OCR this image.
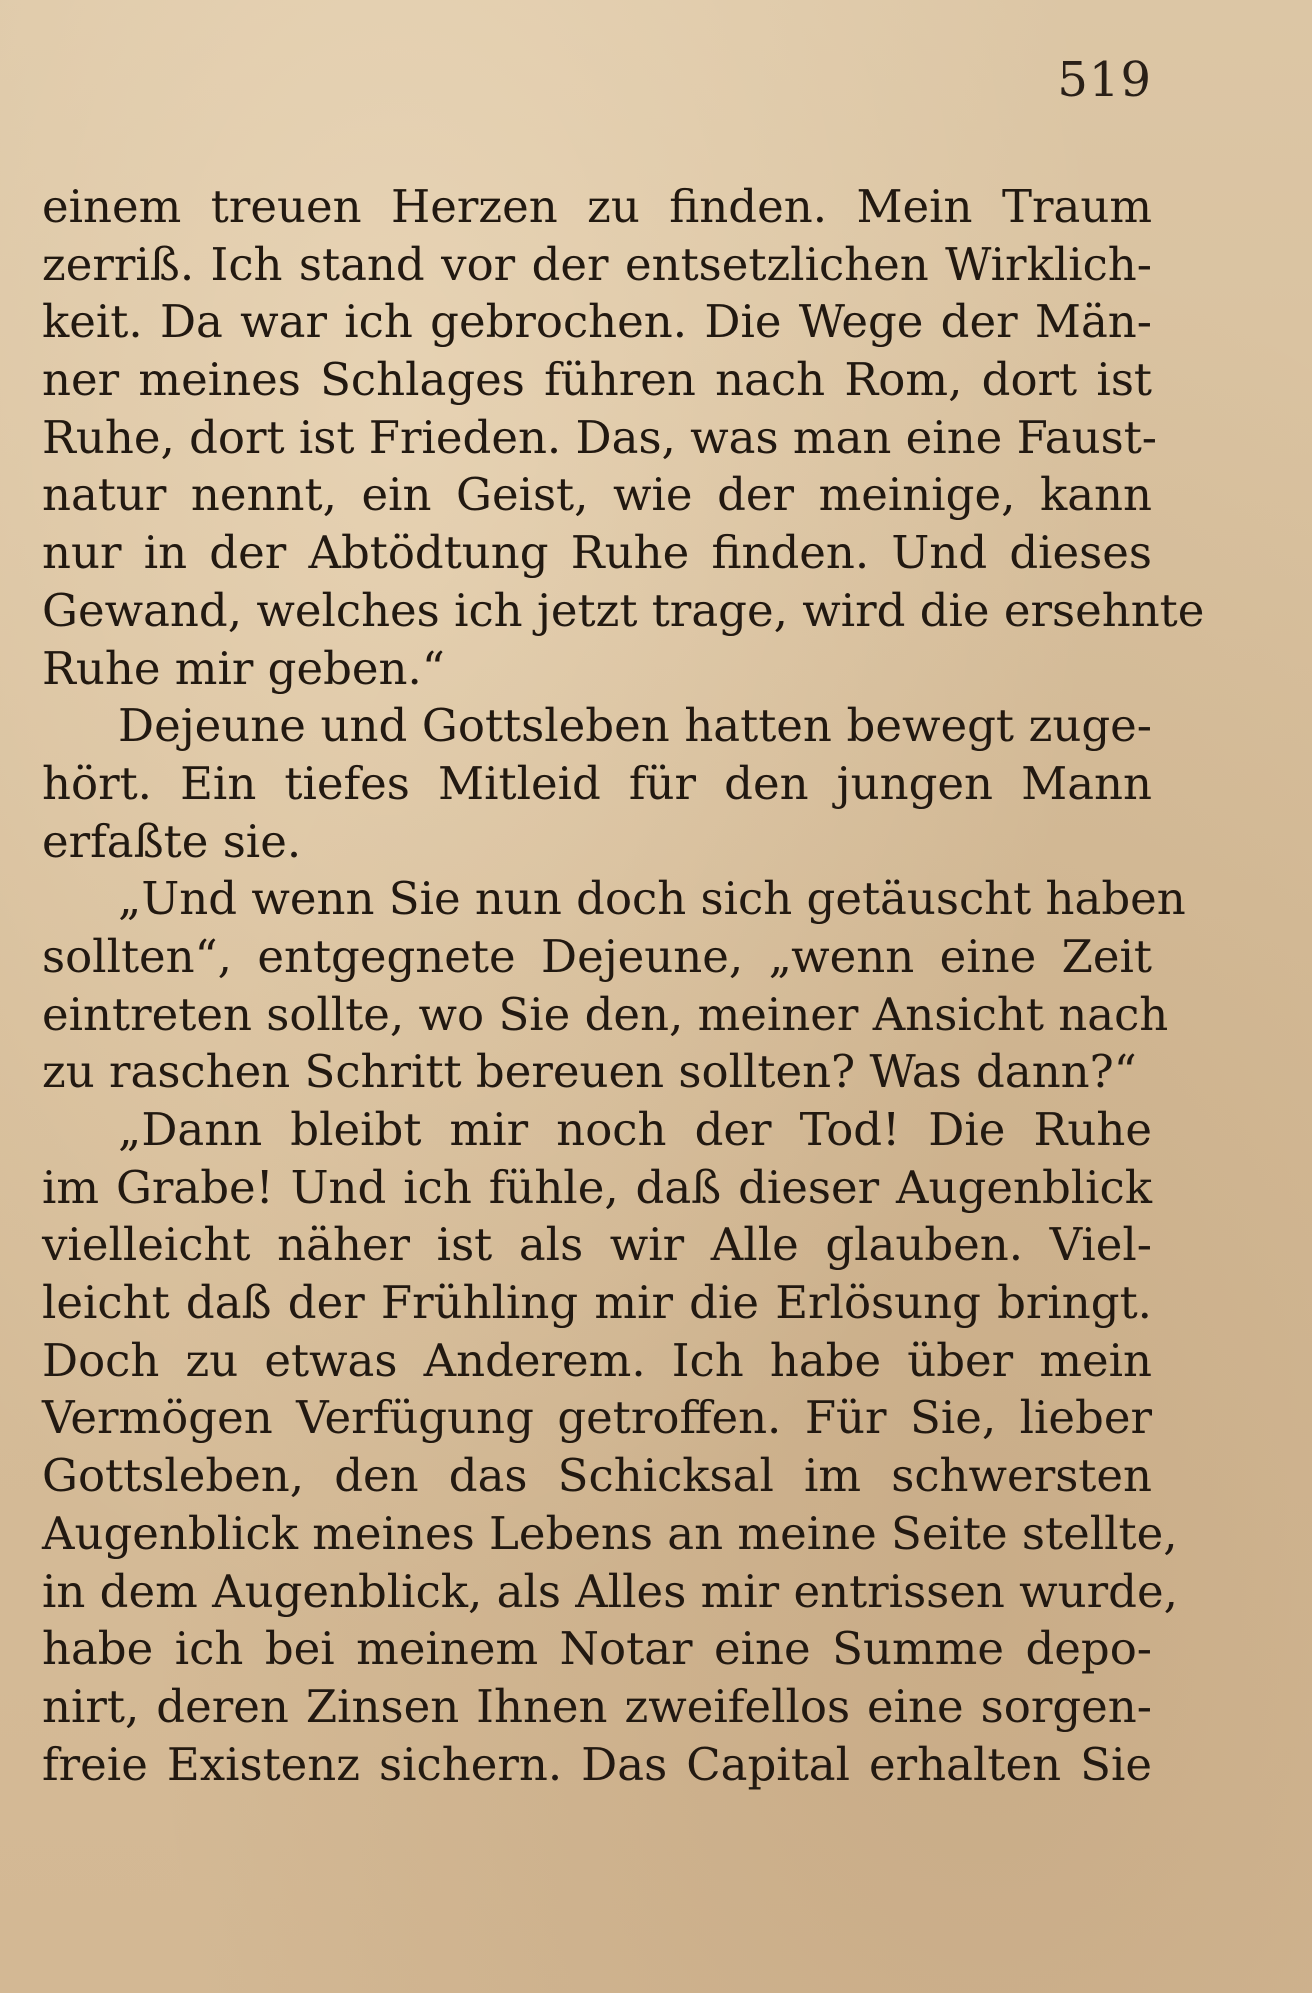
519
einem treuen Herzen zu finden. Mein Traum
zerriß. Ich stand vor der entsetzlichen Wirklich-
keit. Da war ich gebrochen. Die Wege der Män-
ner meines Schlages führen nach Rom, dort ist
Ruhe, dort ist Frieden. Das, was man eine Faust-
natur nennt, ein Geist, wie der meinige, kann
nur in der Abtödtung Ruhe finden. Und dieses
Gewand, welches ich jetzt trage, wird die ersehnte
Ruhe mir geben.“
Dejeune und Gottsleben hatten bewegt zuge-
hört. Ein tiefes Mitleid für den jungen Mann
erfaßte sie.
„Und wenn Sie nun doch sich getäuscht haben
sollten“, entgegnete Dejeune, „wenn eine Zeit
eintreten sollte, wo Sie den, meiner Ansicht nach
zu raschen Schritt bereuen sollten? Was dann?“
„Dann bleibt mir noch der Tod! Die Ruhe
im Grabe! Und ich fühle, daß dieser Augenblick
vielleicht näher ist als wir Alle glauben. Viel-
leicht daß der Frühling mir die Erlösung bringt.
Doch zu etwas Anderem. Ich habe über mein
Vermögen Verfügung getroffen. Für Sie, lieber
Gottsleben, den das Schicksal im schwersten
Augenblick meines Lebens an meine Seite stellte,
in dem Augenblick, als Alles mir entrissen wurde,
habe ich bei meinem Notar eine Summe depo-
nirt, deren Zinsen Ihnen zweifellos eine sorgen-
freie Existenz sichern. Das Capital erhalten Sie
